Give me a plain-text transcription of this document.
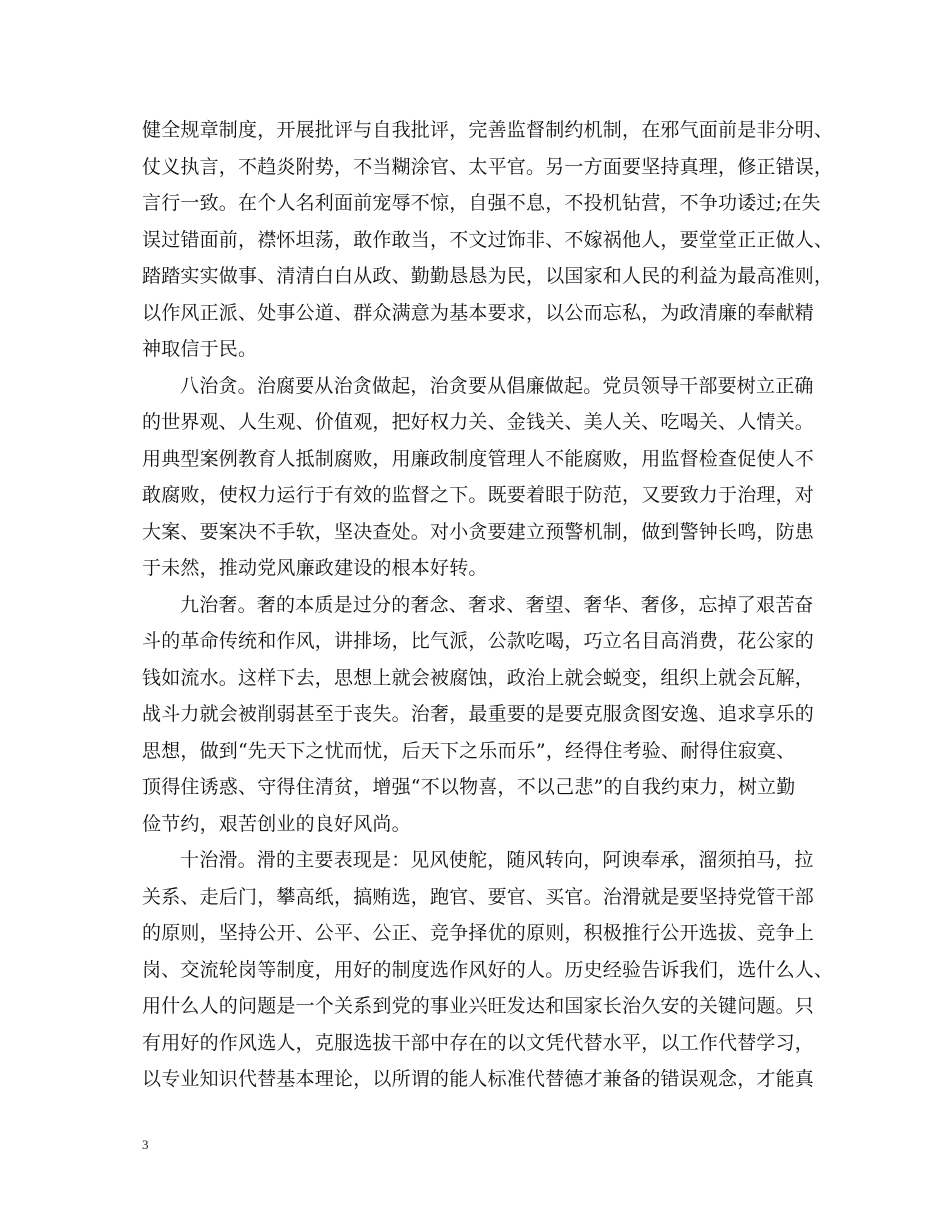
健全规章制度，开展批评与自我批评，完善监督制约机制，在邪气面前是非分明、
仗义执言，不趋炎附势，不当糊涂官、太平官。另一方面要坚持真理，修正错误，
言行一致。在个人名利面前宠辱不惊，自强不息，不投机钻营，不争功诿过;在失
误过错面前，襟怀坦荡，敢作敢当，不文过饰非、不嫁祸他人，要堂堂正正做人、
踏踏实实做事、清清白白从政、勤勤恳恳为民，以国家和人民的利益为最高准则，
以作风正派、处事公道、群众满意为基本要求，以公而忘私，为政清廉的奉献精
神取信于民。
八治贪。治腐要从治贪做起，治贪要从倡廉做起。党员领导干部要树立正确
的世界观、人生观、价值观，把好权力关、金钱关、美人关、吃喝关、人情关。
用典型案例教育人抵制腐败，用廉政制度管理人不能腐败，用监督检查促使人不
敢腐败，使权力运行于有效的监督之下。既要着眼于防范，又要致力于治理，对
大案、要案决不手软，坚决查处。对小贪要建立预警机制，做到警钟长鸣，防患
于未然，推动党风廉政建设的根本好转。
九治奢。奢的本质是过分的奢念、奢求、奢望、奢华、奢侈，忘掉了艰苦奋
斗的革命传统和作风，讲排场，比气派，公款吃喝，巧立名目高消费，花公家的
钱如流水。这样下去，思想上就会被腐蚀，政治上就会蜕变，组织上就会瓦解，
战斗力就会被削弱甚至于丧失。治奢，最重要的是要克服贪图安逸、追求享乐的
思想，做到“先天下之忧而忧，后天下之乐而乐”，经得住考验、耐得住寂寞、
顶得住诱惑、守得住清贫，增强“不以物喜，不以己悲”的自我约束力，树立勤
俭节约，艰苦创业的良好风尚。
十治滑。滑的主要表现是：见风使舵，随风转向，阿谀奉承，溜须拍马，拉
关系、走后门，攀高纸，搞贿选，跑官、要官、买官。治滑就是要坚持党管干部
的原则，坚持公开、公平、公正、竞争择优的原则，积极推行公开选拔、竞争上
岗、交流轮岗等制度，用好的制度选作风好的人。历史经验告诉我们，选什么人、
用什么人的问题是一个关系到党的事业兴旺发达和国家长治久安的关键问题。只
有用好的作风选人，克服选拔干部中存在的以文凭代替水平，以工作代替学习，
以专业知识代替基本理论，以所谓的能人标准代替德才兼备的错误观念，才能真
3
